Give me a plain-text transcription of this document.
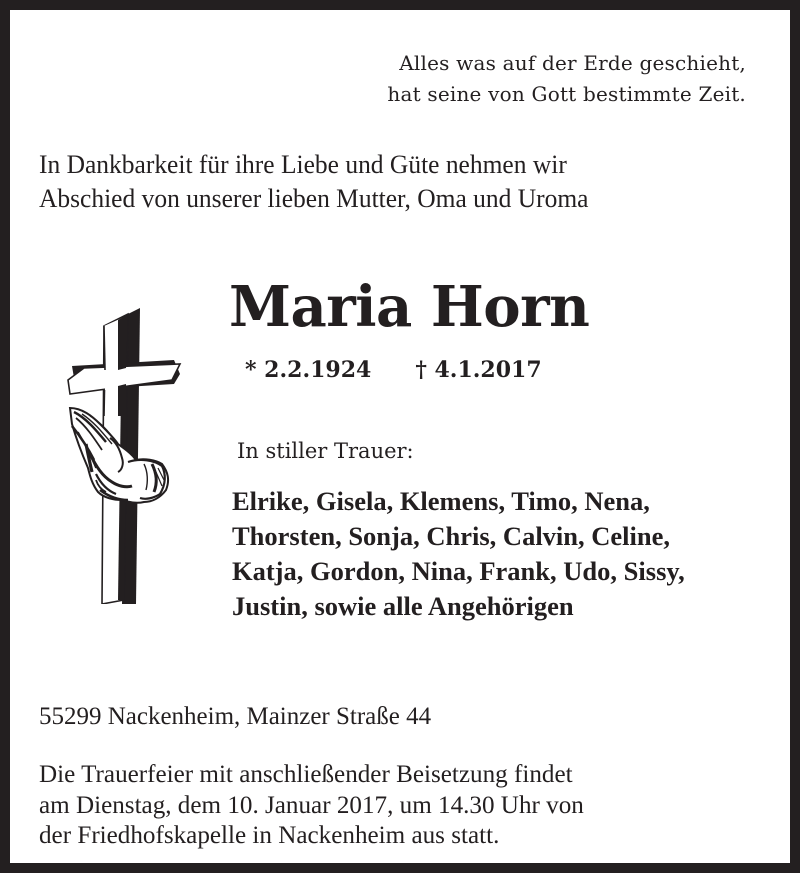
Alles was auf der Erde geschieht,
hat seine von Gott bestimmte Zeit.
In Dankbarkeit für ihre Liebe und Güte nehmen wir
Abschied von unserer lieben Mutter, Oma und Uroma
Maria Horn
* 2.2.1924 † 4.1.2017
In stiller Trauer:
Elrike, Gisela, Klemens, Timo, Nena,
Thorsten, Sonja, Chris, Calvin, Celine,
Katja, Gordon, Nina, Frank, Udo, Sissy,
Justin, sowie alle Angehörigen
55299 Nackenheim, Mainzer Straße 44
Die Trauerfeier mit anschließender Beisetzung findet
am Dienstag, dem 10. Januar 2017, um 14.30 Uhr von
der Friedhofskapelle in Nackenheim aus statt.
